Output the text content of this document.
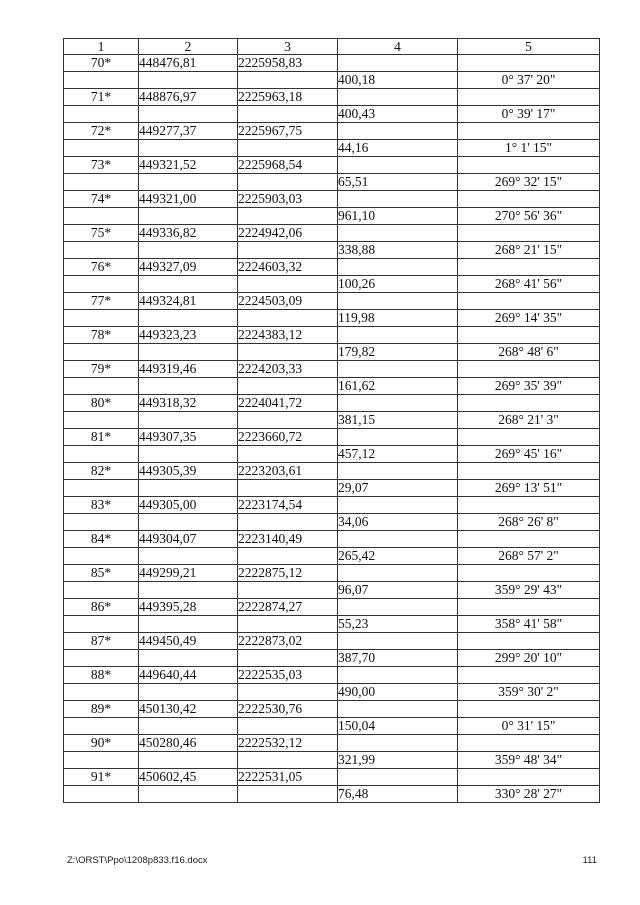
1	2	3	4	5
70*	448476,81	2225958,83		
			400,18	0° 37' 20"
71*	448876,97	2225963,18		
			400,43	0° 39' 17"
72*	449277,37	2225967,75		
			44,16	1° 1' 15"
73*	449321,52	2225968,54		
			65,51	269° 32' 15"
74*	449321,00	2225903,03		
			961,10	270° 56' 36"
75*	449336,82	2224942,06		
			338,88	268° 21' 15"
76*	449327,09	2224603,32		
			100,26	268° 41' 56"
77*	449324,81	2224503,09		
			119,98	269° 14' 35"
78*	449323,23	2224383,12		
			179,82	268° 48' 6"
79*	449319,46	2224203,33		
			161,62	269° 35' 39"
80*	449318,32	2224041,72		
			381,15	268° 21' 3"
81*	449307,35	2223660,72		
			457,12	269° 45' 16"
82*	449305,39	2223203,61		
			29,07	269° 13' 51"
83*	449305,00	2223174,54		
			34,06	268° 26' 8"
84*	449304,07	2223140,49		
			265,42	268° 57' 2"
85*	449299,21	2222875,12		
			96,07	359° 29' 43"
86*	449395,28	2222874,27		
			55,23	358° 41' 58"
87*	449450,49	2222873,02		
			387,70	299° 20' 10"
88*	449640,44	2222535,03		
			490,00	359° 30' 2"
89*	450130,42	2222530,76		
			150,04	0° 31' 15"
90*	450280,46	2222532,12		
			321,99	359° 48' 34"
91*	450602,45	2222531,05		
			76,48	330° 28' 27"
Z:\ORST\Ppo\1208p833.f16.docx	111
